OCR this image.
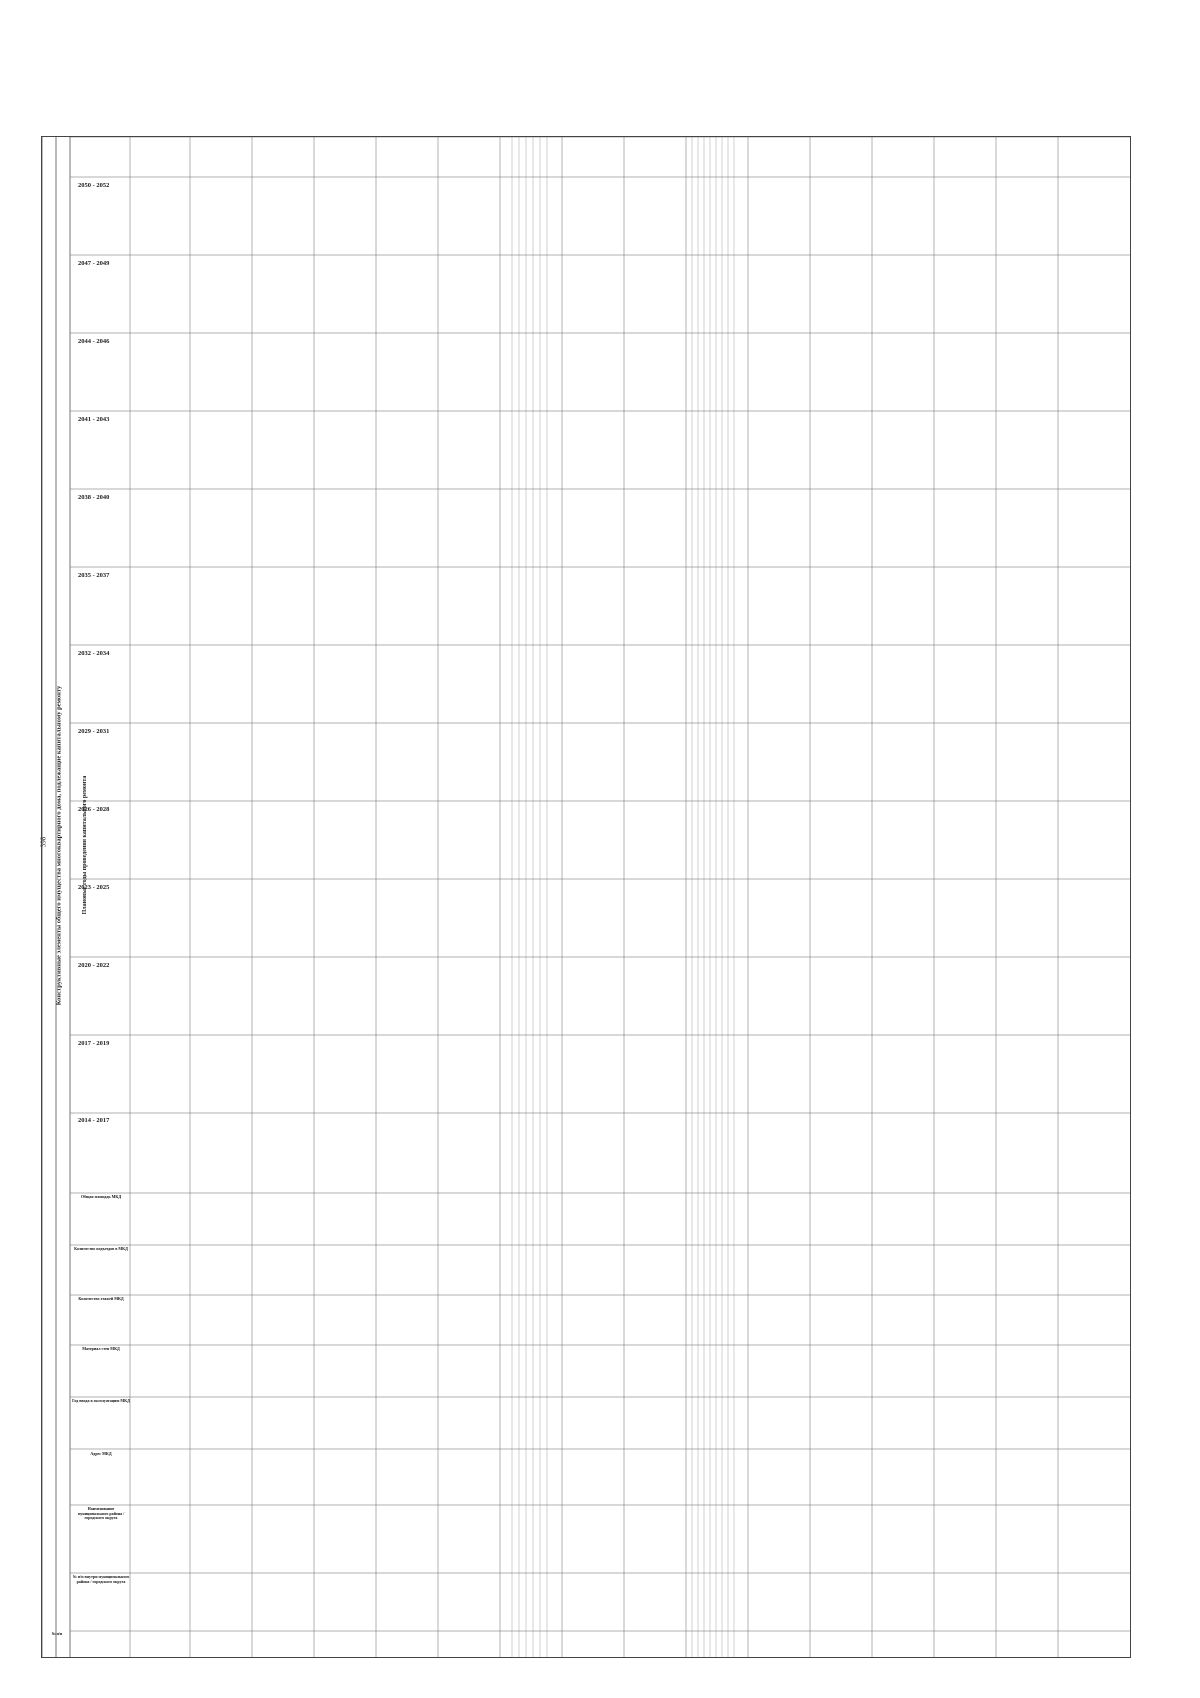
398 Конструктивные элементы общего имущества многоквартирного дома, подлежащие капитальному ремонту	Плановые годы проведения капитального ремонта
№ п/п
№ п/п внутри муниципального района / городского округа
Наименование муниципального района / городского округа
Адрес МКД
Год ввода в эксплуатацию МКД
Материал стен МКД
Количество этажей МКД
Количество подъездов в МКД
Общая площадь МКД
2014 - 2017
2017 - 2019
2020 - 2022
2023 - 2025
2026 - 2028
2029 - 2031
2032 - 2034
2035 - 2037
2038 - 2040
2041 - 2043
2044 - 2046
2047 - 2049
2050 - 2052
